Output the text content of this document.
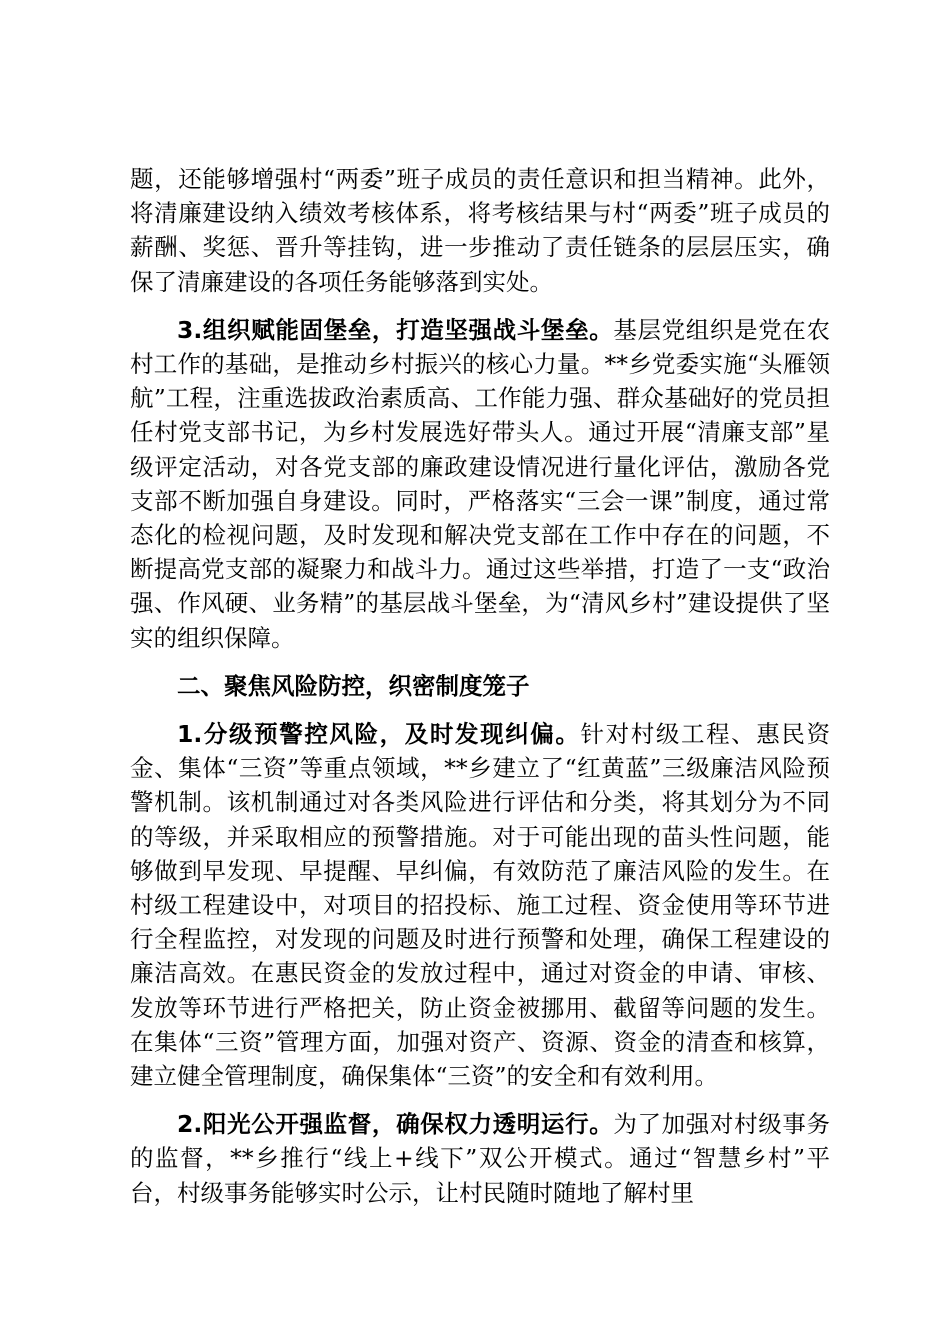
题，还能够增强村“两委”班子成员的责任意识和担当精神。此外，将清廉建设纳入绩效考核体系，将考核结果与村“两委”班子成员的薪酬、奖惩、晋升等挂钩，进一步推动了责任链条的层层压实，确保了清廉建设的各项任务能够落到实处。

3.组织赋能固堡垒，打造坚强战斗堡垒。基层党组织是党在农村工作的基础，是推动乡村振兴的核心力量。**乡党委实施“头雁领航”工程，注重选拔政治素质高、工作能力强、群众基础好的党员担任村党支部书记，为乡村发展选好带头人。通过开展“清廉支部”星级评定活动，对各党支部的廉政建设情况进行量化评估，激励各党支部不断加强自身建设。同时，严格落实“三会一课”制度，通过常态化的检视问题，及时发现和解决党支部在工作中存在的问题，不断提高党支部的凝聚力和战斗力。通过这些举措，打造了一支“政治强、作风硬、业务精”的基层战斗堡垒，为“清风乡村”建设提供了坚实的组织保障。

二、聚焦风险防控，织密制度笼子

1.分级预警控风险，及时发现纠偏。针对村级工程、惠民资金、集体“三资”等重点领域，**乡建立了“红黄蓝”三级廉洁风险预警机制。该机制通过对各类风险进行评估和分类，将其划分为不同的等级，并采取相应的预警措施。对于可能出现的苗头性问题，能够做到早发现、早提醒、早纠偏，有效防范了廉洁风险的发生。在村级工程建设中，对项目的招投标、施工过程、资金使用等环节进行全程监控，对发现的问题及时进行预警和处理，确保工程建设的廉洁高效。在惠民资金的发放过程中，通过对资金的申请、审核、发放等环节进行严格把关，防止资金被挪用、截留等问题的发生。在集体“三资”管理方面，加强对资产、资源、资金的清查和核算，建立健全管理制度，确保集体“三资”的安全和有效利用。

2.阳光公开强监督，确保权力透明运行。为了加强对村级事务的监督，**乡推行“线上+线下”双公开模式。通过“智慧乡村”平台，村级事务能够实时公示，让村民随时随地了解村里
